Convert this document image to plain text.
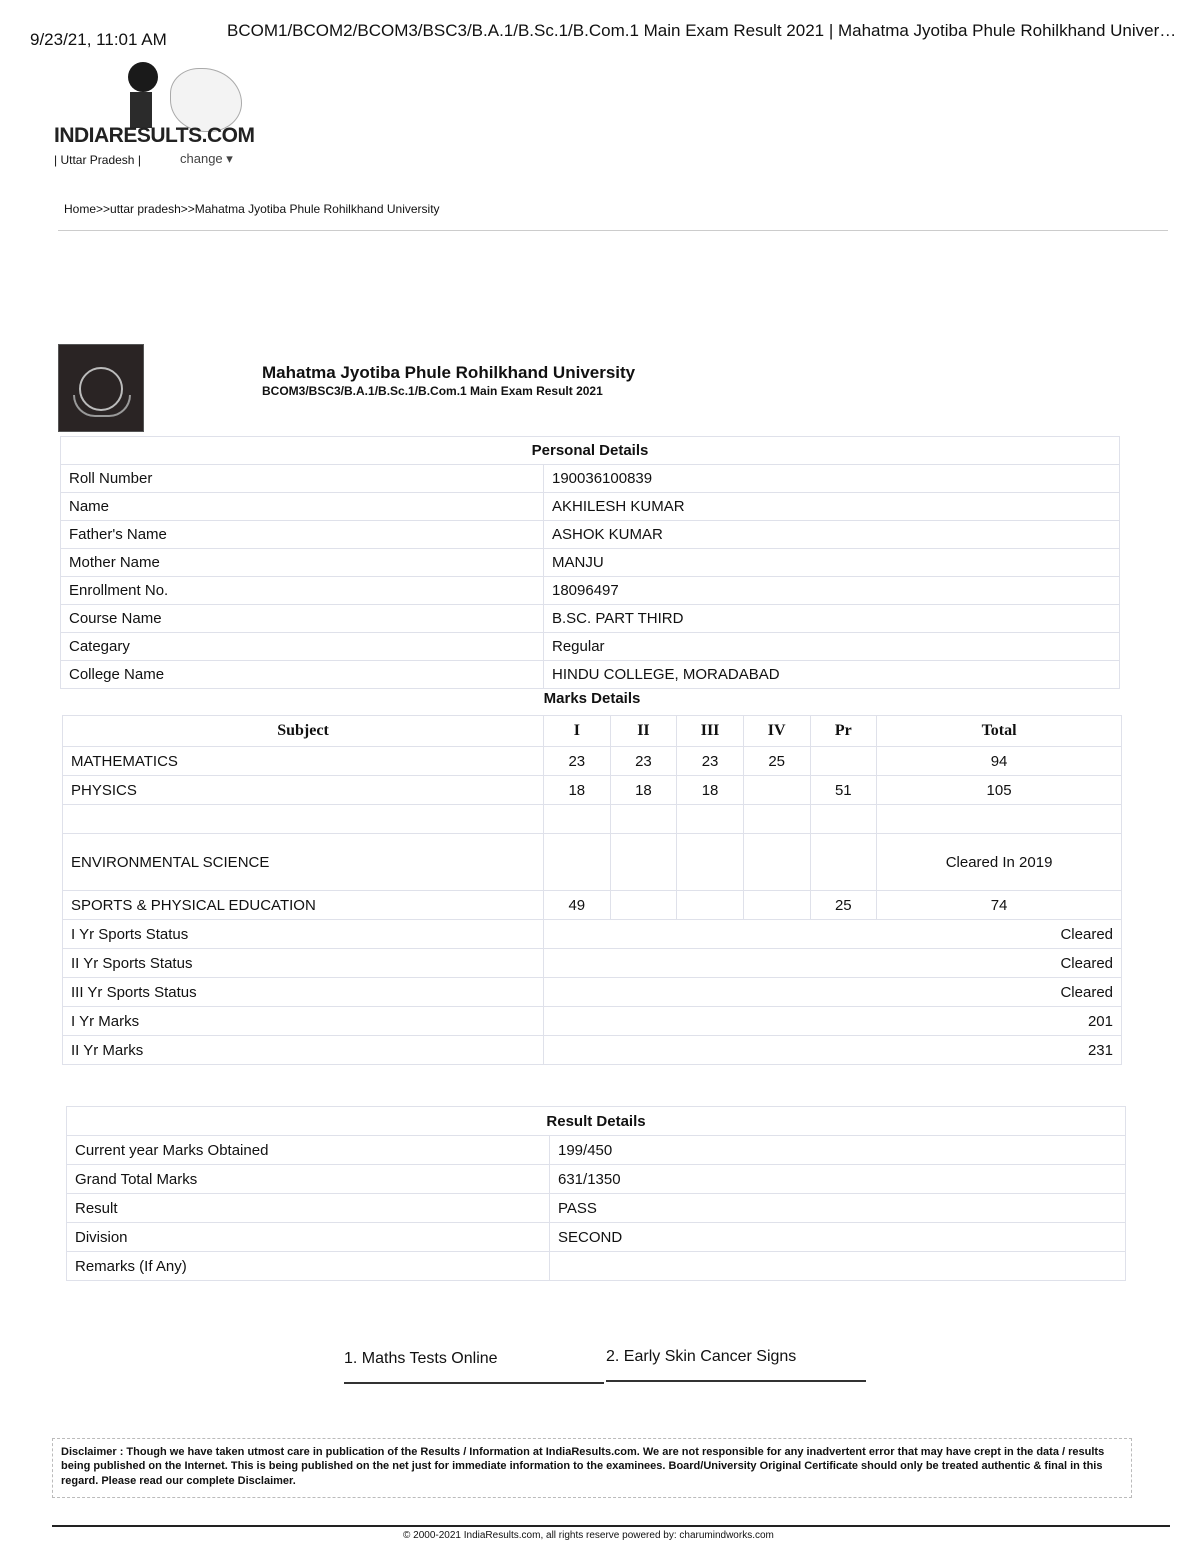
9/23/21, 11:01 AM	BCOM1/BCOM2/BCOM3/BSC3/B.A.1/B.Sc.1/B.Com.1 Main Exam Result 2021 | Mahatma Jyotiba Phule Rohilkhand Univer…
INDIARESULTS.COM
| Uttar Pradesh |	change ▾
Home>>uttar pradesh>>Mahatma Jyotiba Phule Rohilkhand University
Mahatma Jyotiba Phule Rohilkhand University
BCOM3/BSC3/B.A.1/B.Sc.1/B.Com.1 Main Exam Result 2021
Personal Details	
Roll Number	190036100839
Name	AKHILESH KUMAR
Father's Name	ASHOK KUMAR
Mother Name	MANJU
Enrollment No.	18096497
Course Name	B.SC. PART THIRD
Categary	Regular
College Name	HINDU COLLEGE, MORADABAD
Marks Details
Subject	I	II	III	IV	Pr	Total
MATHEMATICS	23	23	23	25		94
PHYSICS	18	18	18		51	105

ENVIRONMENTAL SCIENCE						Cleared In 2019
SPORTS & PHYSICAL EDUCATION	49				25	74
I Yr Sports Status	Cleared					
II Yr Sports Status	Cleared					
III Yr Sports Status	Cleared					
I Yr Marks	201					
II Yr Marks	231					
Result Details	
Current year Marks Obtained	199/450
Grand Total Marks	631/1350
Result	PASS
Division	SECOND
Remarks (If Any)	
1. Maths Tests Online	2. Early Skin Cancer Signs
Disclaimer : Though we have taken utmost care in publication of the Results / Information at IndiaResults.com. We are not responsible for any inadvertent error that may have crept in the data / results being published on the Internet. This is being published on the net just for immediate information to the examinees. Board/University Original Certificate should only be treated authentic & final in this regard. Please read our complete Disclaimer.
© 2000-2021 IndiaResults.com, all rights reserve powered by: charumindworks.com
